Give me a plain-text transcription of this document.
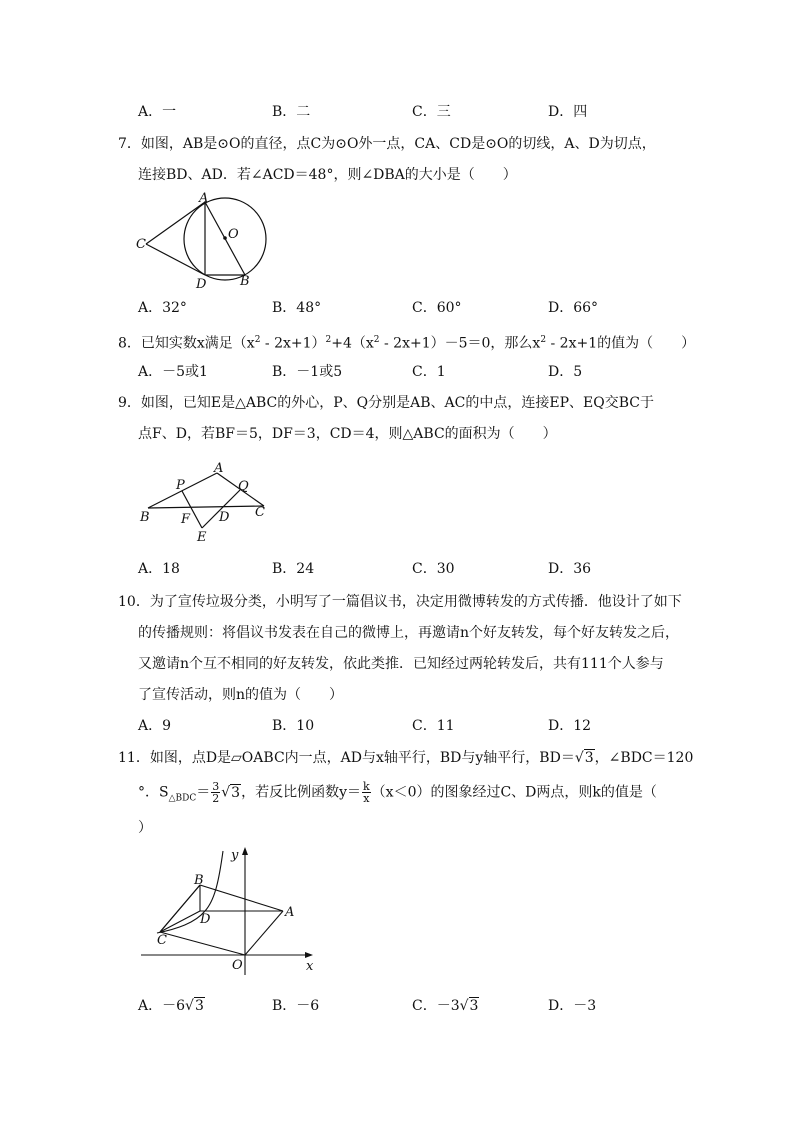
A．一	B．二	C．三	D．四
7．如图，AB是⊙O的直径，点C为⊙O外一点，CA、CD是⊙O的切线，A、D为切点，
连接BD、AD．若∠ACD＝48°，则∠DBA的大小是（　　）
A
O
C
D	B
A．32°	B．48°	C．60°	D．66°
8．已知实数x满足$(x^2 - 2x+1)^2+4(x^2 - 2x+1)-5=0$，那么$x^2 - 2x+1$的值为（　　）
A．－5或1	B．－1或5	C．1	D．5
9．如图，已知E是△ABC的外心，P、Q分别是AB、AC的中点，连接EP、EQ交BC于
点F、D，若BF＝5，DF＝3，CD＝4，则△ABC的面积为（　　）
A
P	Q
B F D C
E
A．18	B．24	C．30	D．36
10．为了宣传垃圾分类，小明写了一篇倡议书，决定用微博转发的方式传播．他设计了如下
的传播规则：将倡议书发表在自己的微博上，再邀请n个好友转发，每个好友转发之后，
又邀请n个互不相同的好友转发，依此类推．已知经过两轮转发后，共有111个人参与
了宣传活动，则n的值为（　　）
A．9	B．10	C．11	D．12
11．如图，点D是▱OABC内一点，AD与x轴平行，BD与y轴平行，BD＝√3，∠BDC＝120
°．$S_{\triangle BDC}= \frac{3}{2} √3$，若反比例函数$y= \frac{k}{x} (x<0)$的图象经过C、D两点，则k的值是（
）
y
B
D	A
C
O	x
A．－6√3	B．－6	C．－3√3	D．－3
